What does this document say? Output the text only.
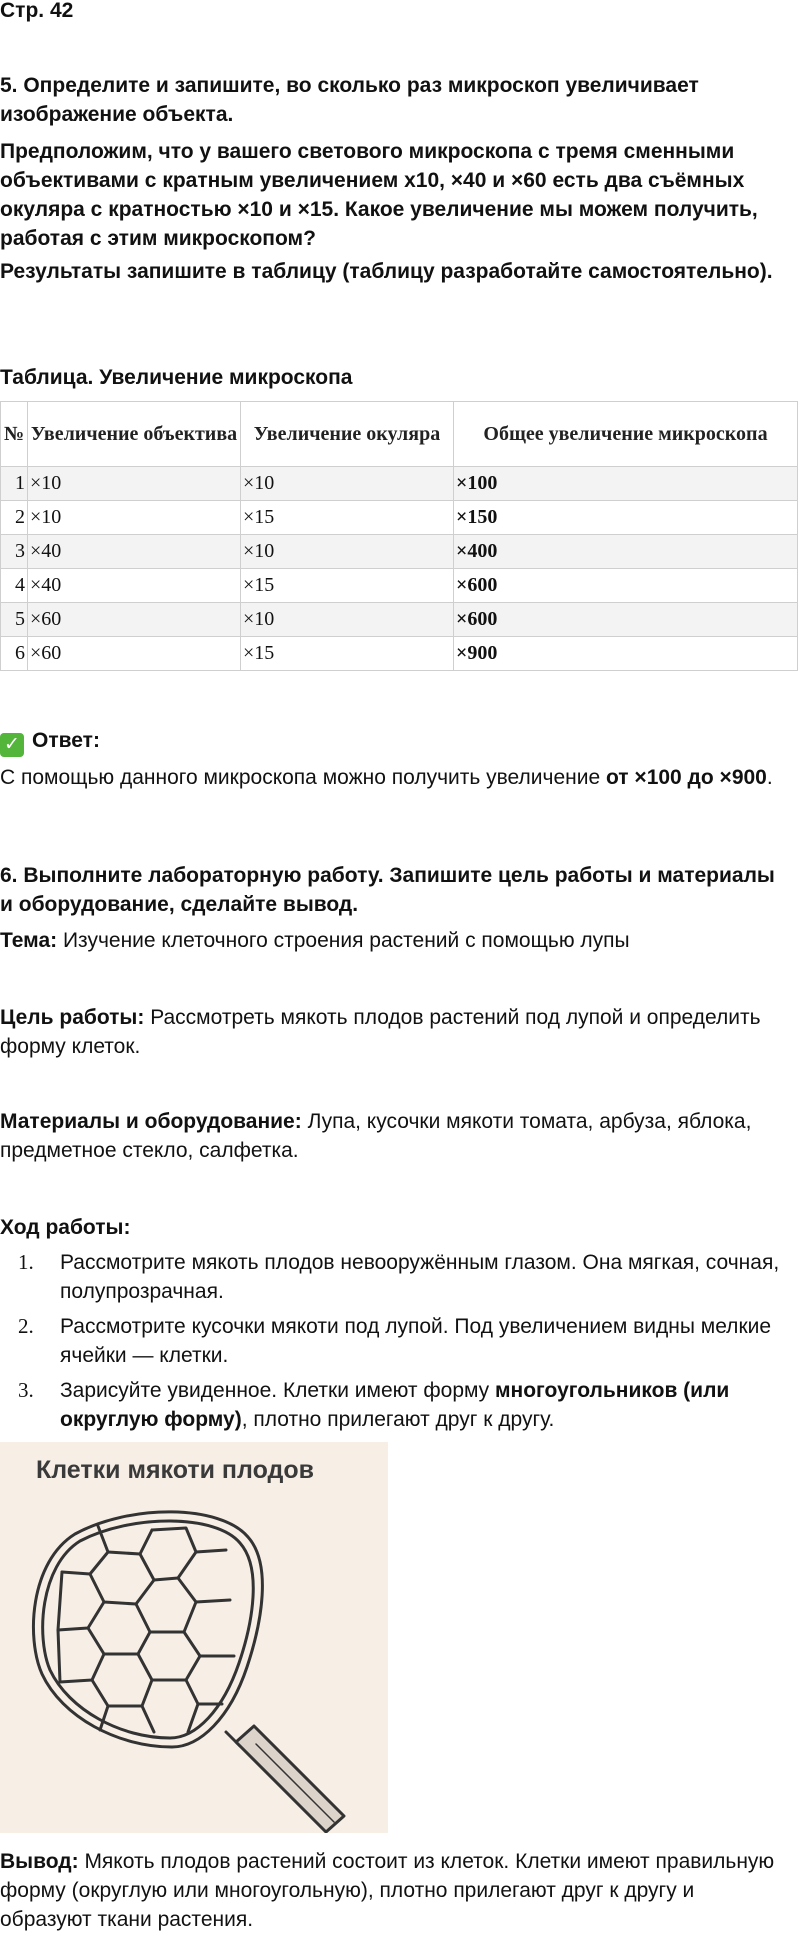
Стр. 42

5. Определите и запишите, во сколько раз микроскоп увеличивает изображение объекта.

Предположим, что у вашего светового микроскопа с тремя сменными объективами с кратным увеличением x10, ×40 и ×60 есть два съёмных окуляра с кратностью ×10 и ×15. Какое увеличение мы можем получить, работая с этим микроскопом?

Результаты запишите в таблицу (таблицу разработайте самостоятельно).

Таблица. Увеличение микроскопа

№	Увеличение объектива	Увеличение окуляра	Общее увеличение микроскопа
1	×10	×10	×100
2	×10	×15	×150
3	×40	×10	×400
4	×40	×15	×600
5	×60	×10	×600
6	×60	×15	×900

✓ Ответ:

С помощью данного микроскопа можно получить увеличение от ×100 до ×900.

6. Выполните лабораторную работу. Запишите цель работы и материалы и оборудование, сделайте вывод.

Тема: Изучение клеточного строения растений с помощью лупы

Цель работы: Рассмотреть мякоть плодов растений под лупой и определить форму клеток.

Материалы и оборудование: Лупа, кусочки мякоти томата, арбуза, яблока, предметное стекло, салфетка.

Ход работы:

1. Рассмотрите мякоть плодов невооружённым глазом. Она мягкая, сочная, полупрозрачная.
2. Рассмотрите кусочки мякоти под лупой. Под увеличением видны мелкие ячейки — клетки.
3. Зарисуйте увиденное. Клетки имеют форму многоугольников (или округлую форму), плотно прилегают друг к другу.
Клетки мякоти плодов

Вывод: Мякоть плодов растений состоит из клеток. Клетки имеют правильную форму (округлую или многоугольную), плотно прилегают друг к другу и образуют ткани растения.
